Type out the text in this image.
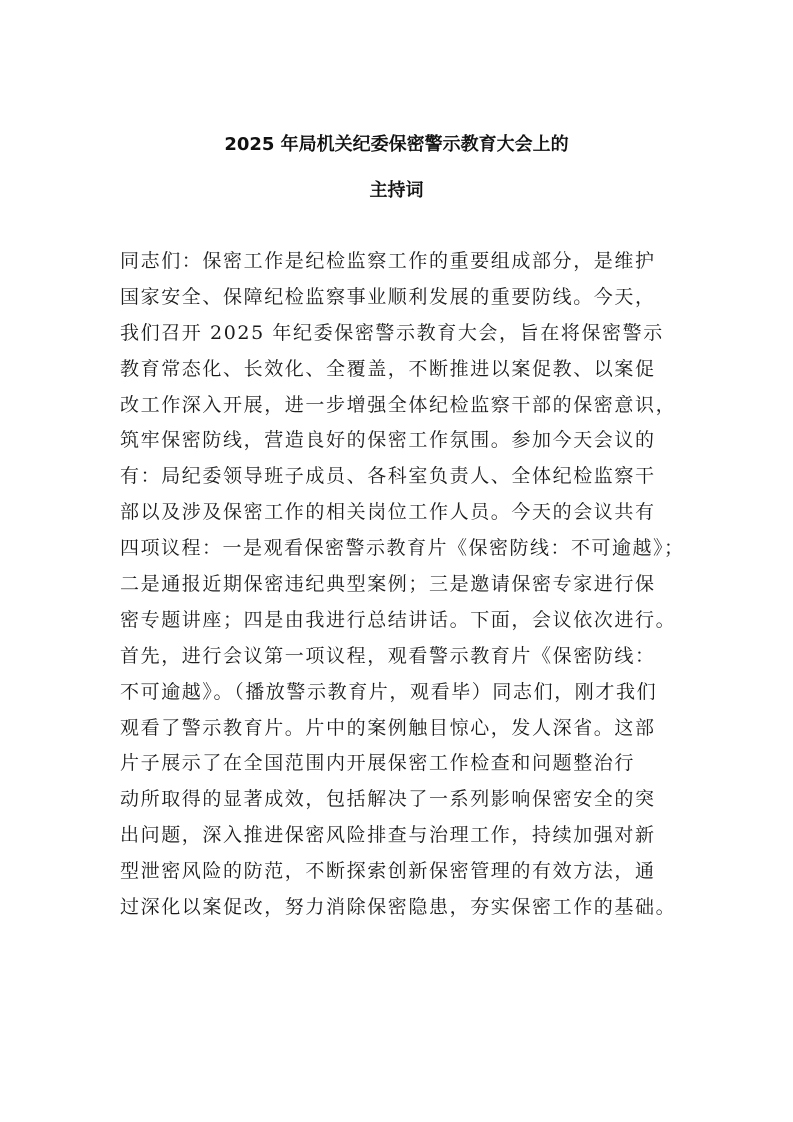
2025 年局机关纪委保密警示教育大会上的
主持词
同志们：保密工作是纪检监察工作的重要组成部分，是维护
国家安全、保障纪检监察事业顺利发展的重要防线。今天，
我们召开 2025 年纪委保密警示教育大会，旨在将保密警示
教育常态化、长效化、全覆盖，不断推进以案促教、以案促
改工作深入开展，进一步增强全体纪检监察干部的保密意识，
筑牢保密防线，营造良好的保密工作氛围。参加今天会议的
有：局纪委领导班子成员、各科室负责人、全体纪检监察干
部以及涉及保密工作的相关岗位工作人员。今天的会议共有
四项议程：一是观看保密警示教育片《保密防线：不可逾越》；
二是通报近期保密违纪典型案例；三是邀请保密专家进行保
密专题讲座；四是由我进行总结讲话。下面，会议依次进行。
首先，进行会议第一项议程，观看警示教育片《保密防线：
不可逾越》。（播放警示教育片，观看毕）同志们，刚才我们
观看了警示教育片。片中的案例触目惊心，发人深省。这部
片子展示了在全国范围内开展保密工作检查和问题整治行
动所取得的显著成效，包括解决了一系列影响保密安全的突
出问题，深入推进保密风险排查与治理工作，持续加强对新
型泄密风险的防范，不断探索创新保密管理的有效方法，通
过深化以案促改，努力消除保密隐患，夯实保密工作的基础。
